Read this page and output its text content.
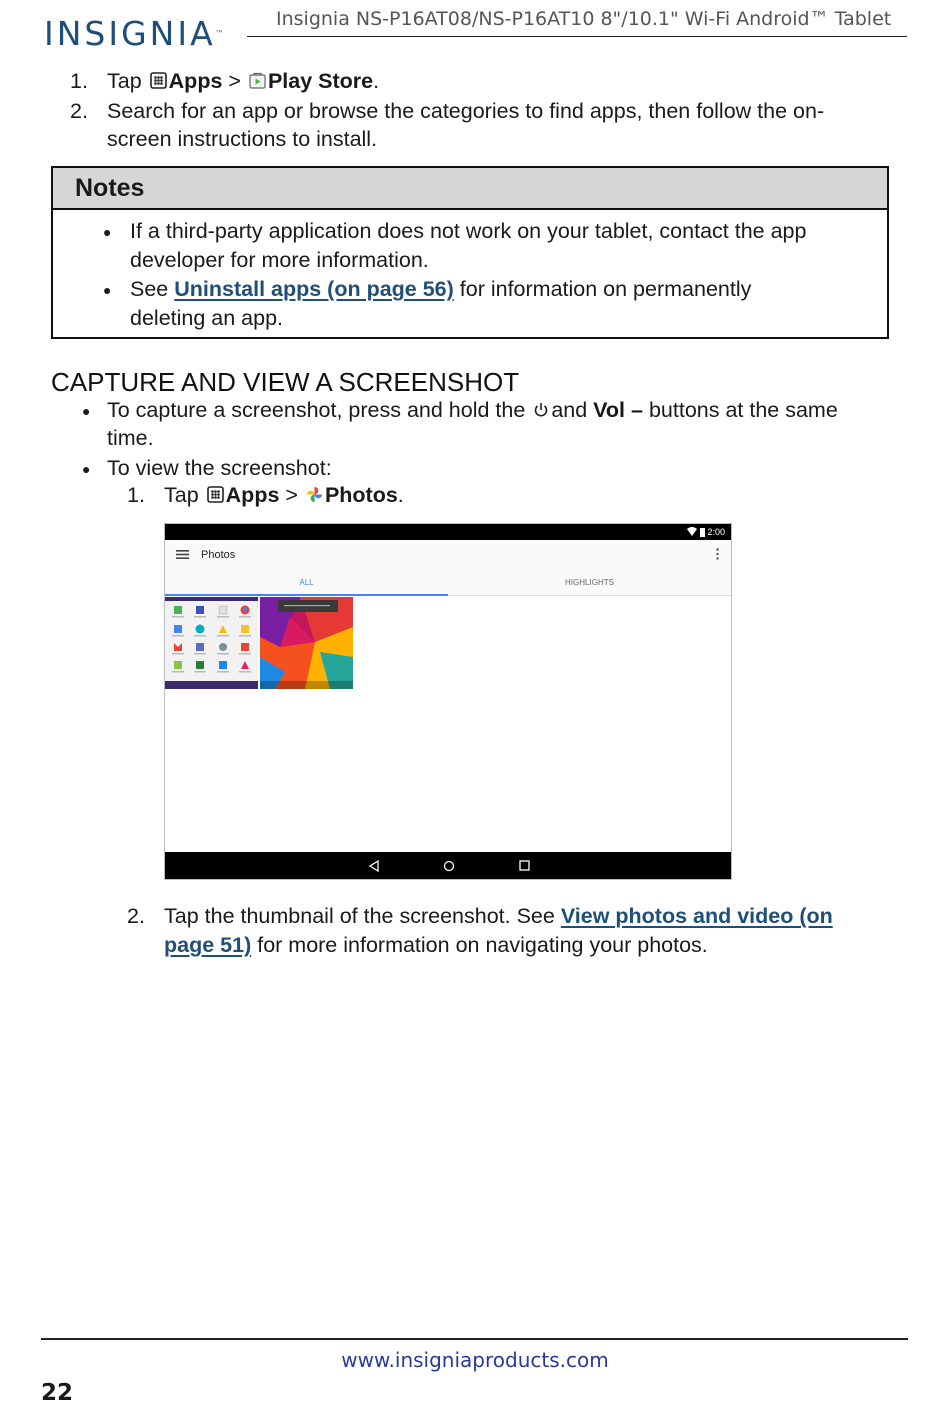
INSIGNIA™
Insignia NS-P16AT08/NS-P16AT10 8"/10.1" Wi-Fi Android™ Tablet
1. Tap Apps > Play Store.
2. Search for an app or browse the categories to find apps, then follow the on-
screen instructions to install.
Notes
● If a third-party application does not work on your tablet, contact the app
developer for more information.
● See Uninstall apps (on page 56) for information on permanently
deleting an app.
CAPTURE AND VIEW A SCREENSHOT
● To capture a screenshot, press and hold the and Vol – buttons at the same
time.
● To view the screenshot:
1. Tap Apps > Photos.
2:00
Photos
ALL	HIGHLIGHTS
2. Tap the thumbnail of the screenshot. See View photos and video (on
page 51) for more information on navigating your photos.
www.insigniaproducts.com
22
